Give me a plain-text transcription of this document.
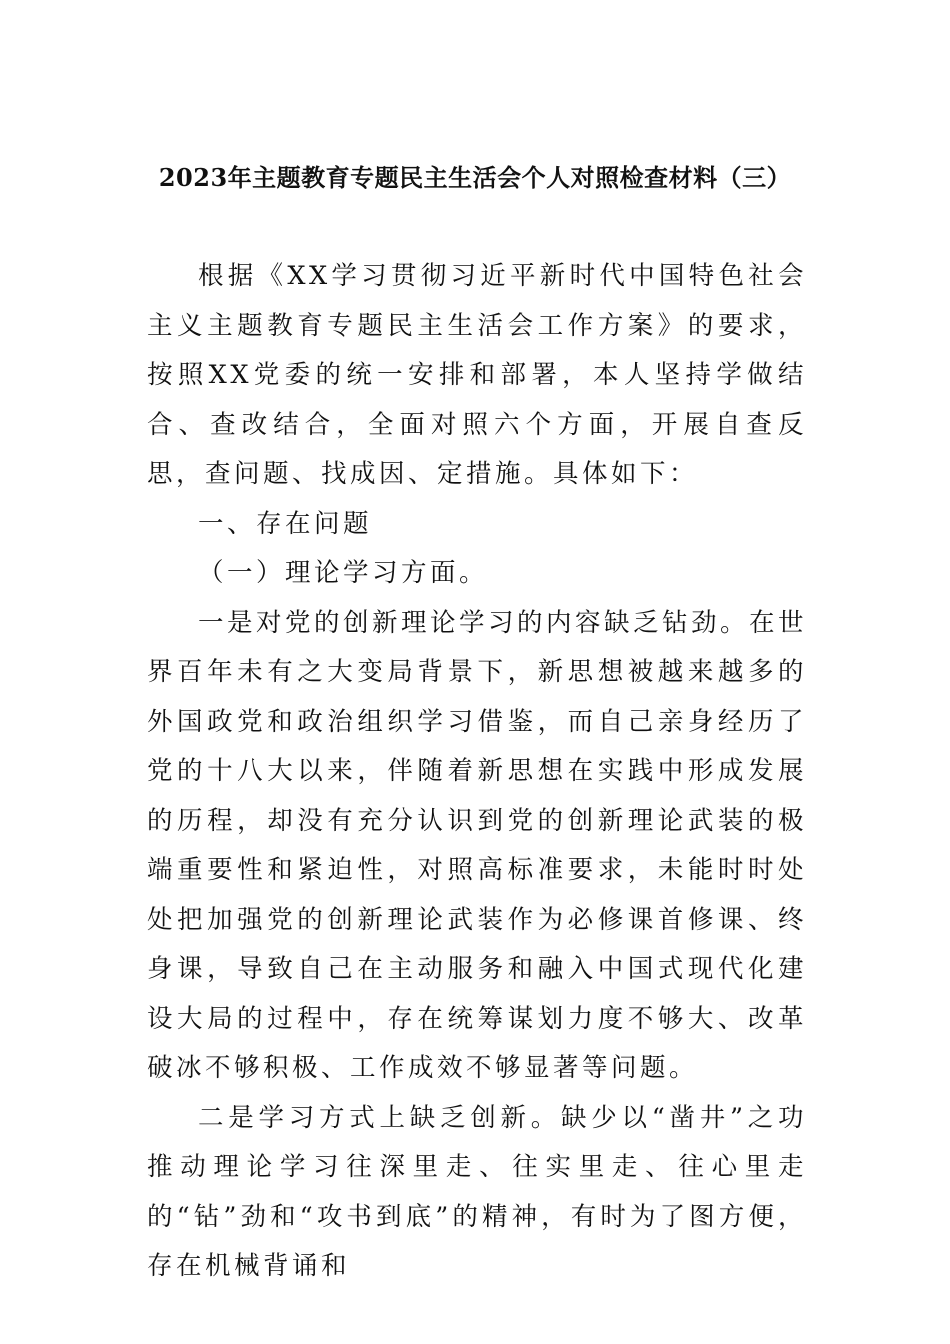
2023年主题教育专题民主生活会个人对照检查材料（三）

根据《XX学习贯彻习近平新时代中国特色社会主义主题教育专题民主生活会工作方案》的要求，按照XX党委的统一安排和部署，本人坚持学做结合、查改结合，全面对照六个方面，开展自查反思，查问题、找成因、定措施。具体如下：

一、存在问题

（一）理论学习方面。

一是对党的创新理论学习的内容缺乏钻劲。在世界百年未有之大变局背景下，新思想被越来越多的外国政党和政治组织学习借鉴，而自己亲身经历了党的十八大以来，伴随着新思想在实践中形成发展的历程，却没有充分认识到党的创新理论武装的极端重要性和紧迫性，对照高标准要求，未能时时处处把加强党的创新理论武装作为必修课首修课、终身课，导致自己在主动服务和融入中国式现代化建设大局的过程中，存在统筹谋划力度不够大、改革破冰不够积极、工作成效不够显著等问题。

二是学习方式上缺乏创新。缺少以“凿井”之功推动理论学习往深里走、往实里走、往心里走的“钻”劲和“攻书到底”的精神，有时为了图方便，存在机械背诵和
